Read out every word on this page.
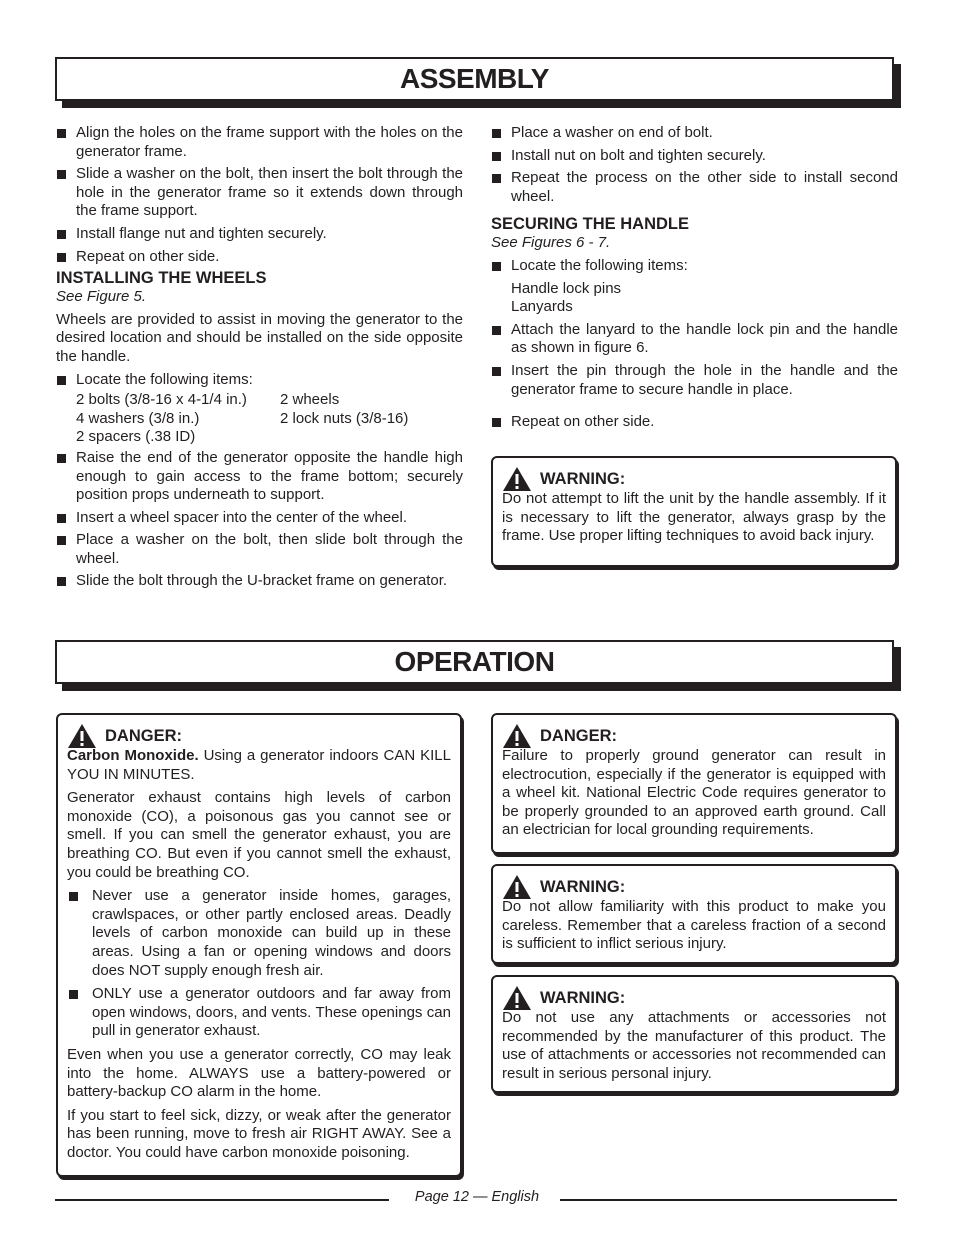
ASSEMBLY
Align the holes on the frame support with the holes on the generator frame.
Slide a washer on the bolt, then insert the bolt through the hole in the generator frame so it extends down through the frame support.
Install flange nut and tighten securely.
Repeat on other side.
INSTALLING THE WHEELS
See Figure 5.

Wheels are provided to assist in moving the generator to the desired location and should be installed on the side opposite the handle.

Locate the following items:
2 bolts (3/8-16 x 4-1/4 in.)	2 wheels
4 washers (3/8 in.)	2 lock nuts (3/8-16)
2 spacers (.38 ID)
Raise the end of the generator opposite the handle high enough to gain access to the frame bottom; securely position props underneath to support.
Insert a wheel spacer into the center of the wheel.
Place a washer on the bolt, then slide bolt through the wheel.
Slide the bolt through the U-bracket frame on generator.
Place a washer on end of bolt.
Install nut on bolt and tighten securely.
Repeat the process on the other side to install second wheel.
SECURING THE HANDLE
See Figures 6 - 7.
Locate the following items:
Handle lock pins
Lanyards
Attach the lanyard to the handle lock pin and the handle as shown in figure 6.
Insert the pin through the hole in the handle and the generator frame to secure handle in place.
Repeat on other side.
WARNING:

Do not attempt to lift the unit by the handle assembly. If it is necessary to lift the generator, always grasp by the frame. Use proper lifting techniques to avoid back injury.

OPERATION
DANGER:

Carbon Monoxide. Using a generator indoors CAN KILL YOU IN MINUTES.

Generator exhaust contains high levels of carbon monoxide (CO), a poisonous gas you cannot see or smell. If you can smell the generator exhaust, you are breathing CO. But even if you cannot smell the exhaust, you could be breathing CO.

Never use a generator inside homes, garages, crawlspaces, or other partly enclosed areas. Deadly levels of carbon monoxide can build up in these areas. Using a fan or opening windows and doors does NOT supply enough fresh air.
ONLY use a generator outdoors and far away from open windows, doors, and vents. These openings can pull in generator exhaust.

Even when you use a generator correctly, CO may leak into the home. ALWAYS use a battery-powered or battery-backup CO alarm in the home.

If you start to feel sick, dizzy, or weak after the generator has been running, move to fresh air RIGHT AWAY. See a doctor. You could have carbon monoxide poisoning.

DANGER:

Failure to properly ground generator can result in electrocution, especially if the generator is equipped with a wheel kit. National Electric Code requires generator to be properly grounded to an approved earth ground. Call an electrician for local grounding requirements.

WARNING:

Do not allow familiarity with this product to make you careless. Remember that a careless fraction of a second is sufficient to inflict serious injury.

WARNING:

Do not use any attachments or accessories not recommended by the manufacturer of this product. The use of attachments or accessories not recommended can result in serious personal injury.

Page 12 — English
